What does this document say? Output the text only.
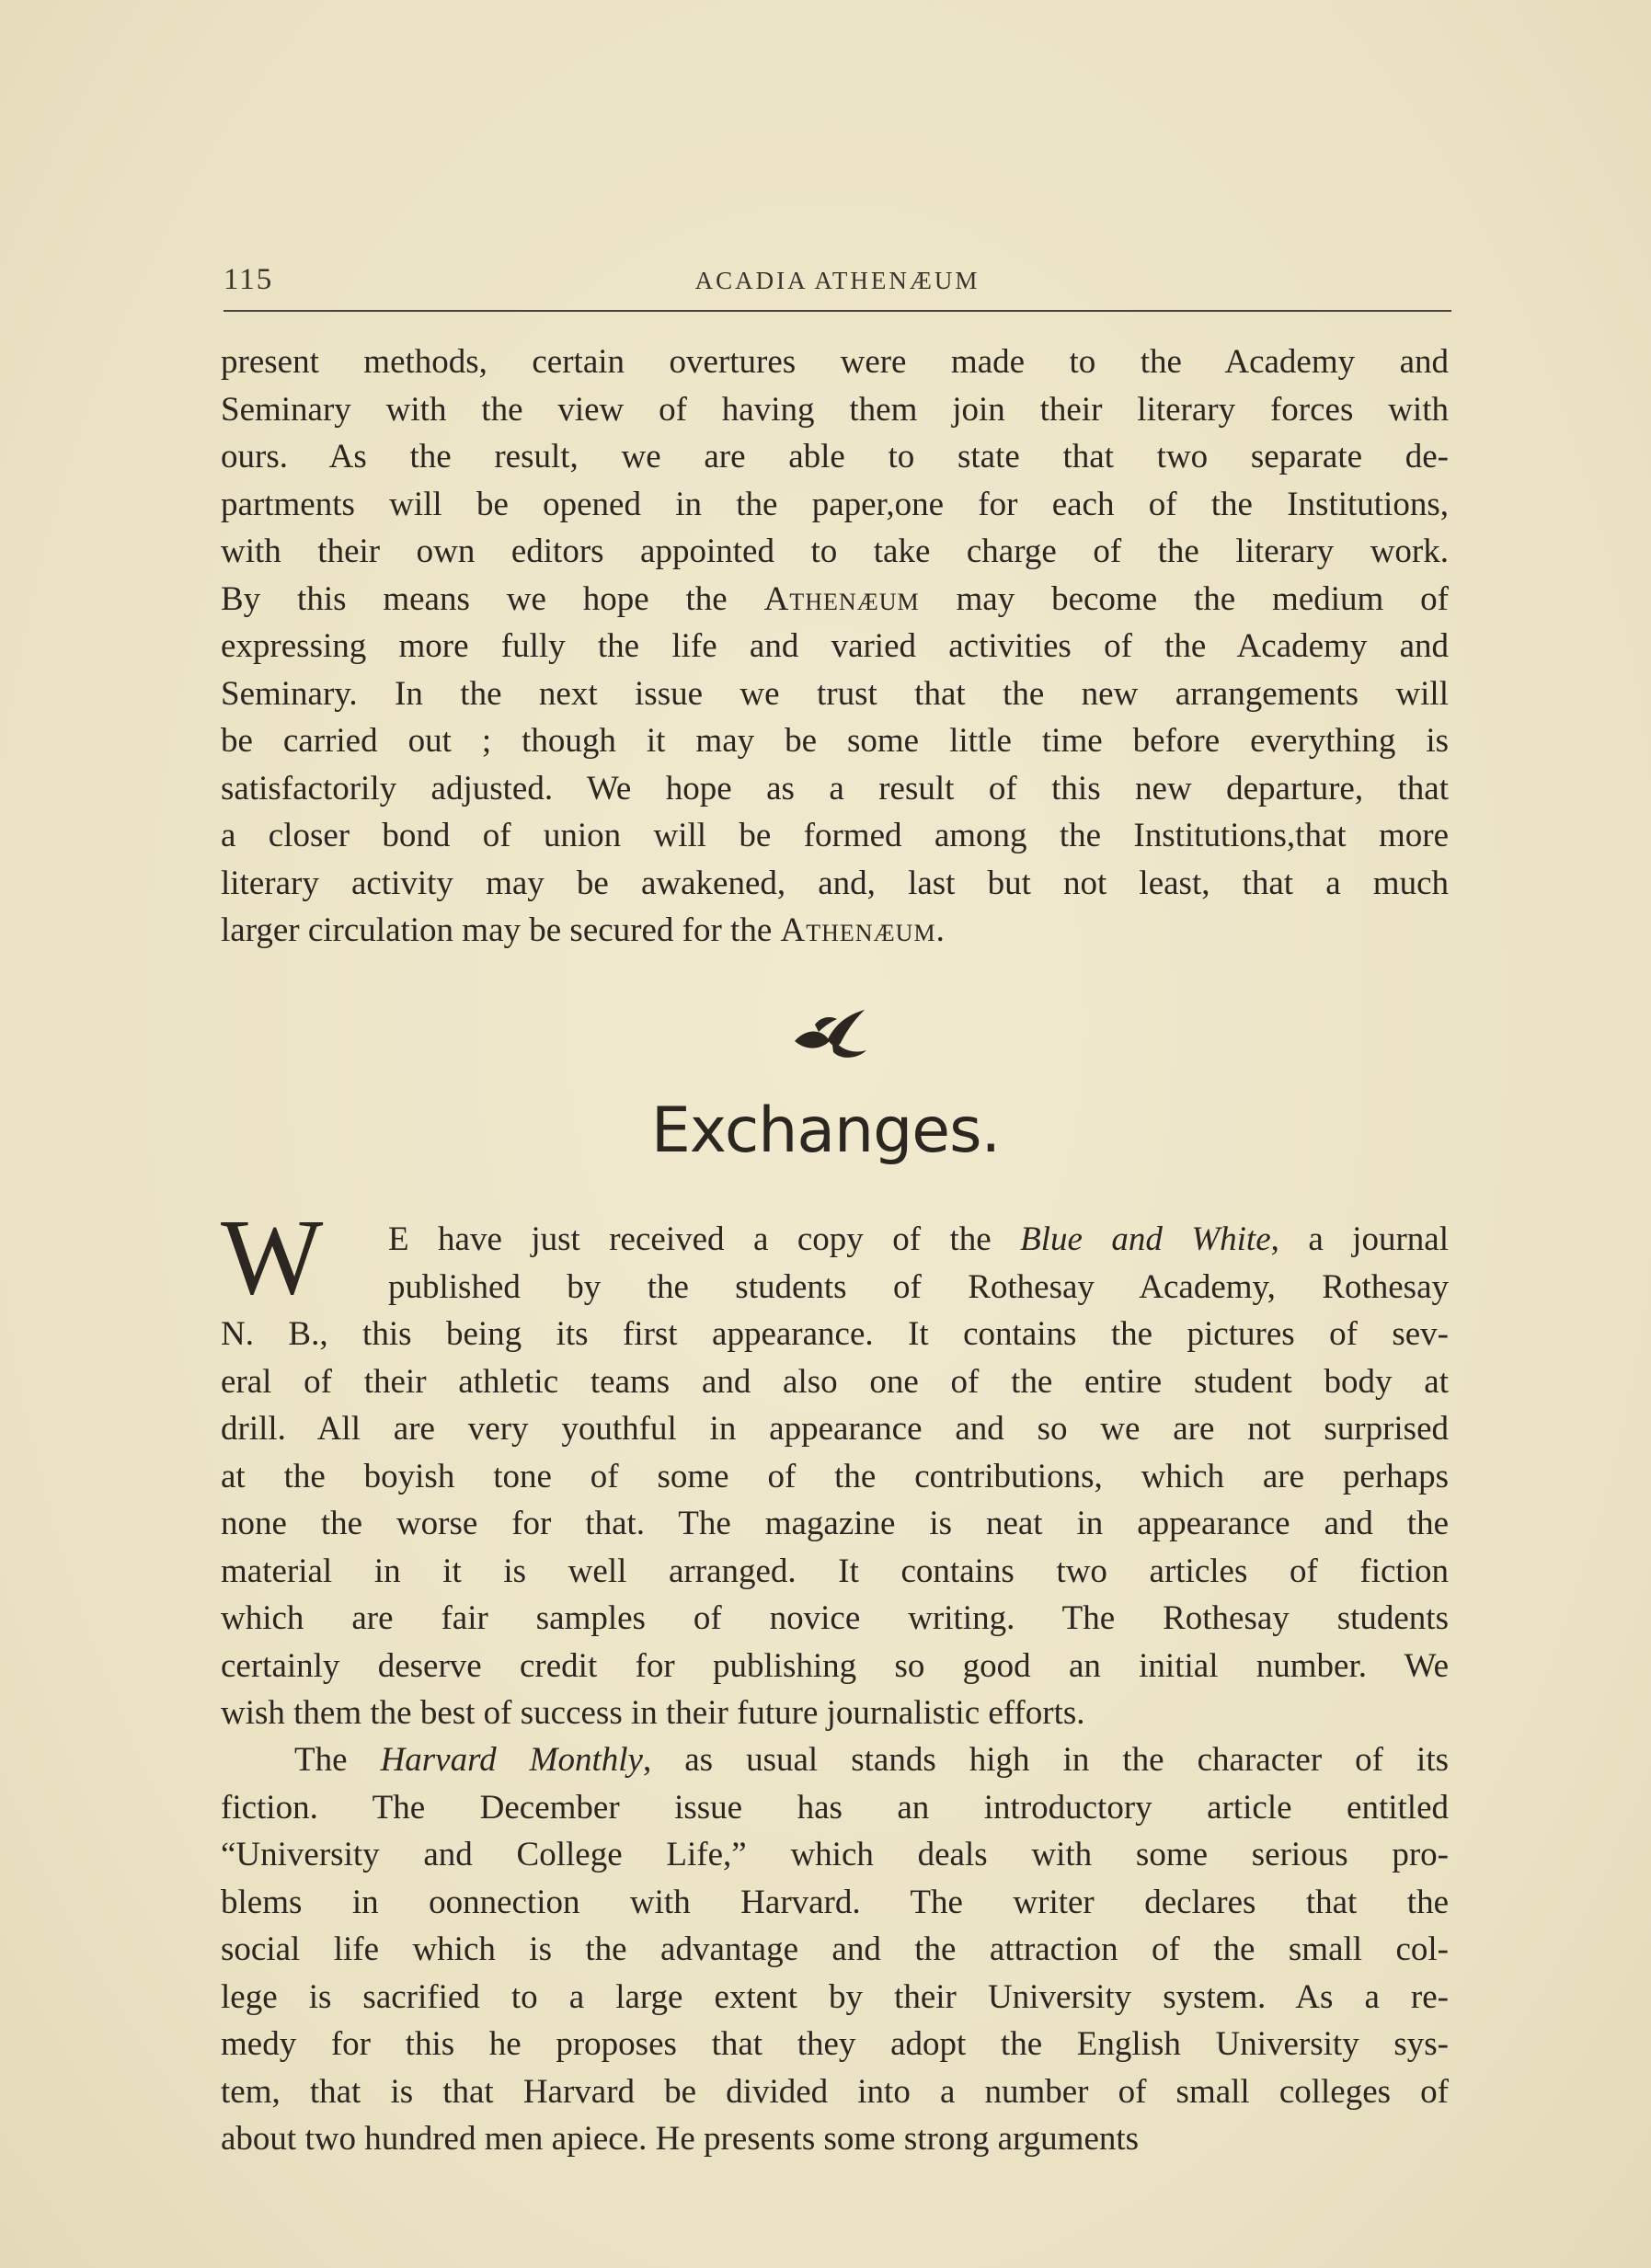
115	ACADIA ATHENÆUM
present methods, certain overtures were made to the Academy and
Seminary with the view of having them join their literary forces with
ours. As the result, we are able to state that two separate de-
partments will be opened in the paper,one for each of the Institutions,
with their own editors appointed to take charge of the literary work.
By this means we hope the Athenæum may become the medium of
expressing more fully the life and varied activities of the Academy and
Seminary. In the next issue we trust that the new arrangements will
be carried out ; though it may be some little time before everything is
satisfactorily adjusted. We hope as a result of this new departure, that
a closer bond of union will be formed among the Institutions,that more
literary activity may be awakened, and, last but not least, that a much
larger circulation may be secured for the Athenæum.
Exchanges.
W	E have just received a copy of the Blue and White, a journal
published by the students of Rothesay Academy, Rothesay
N. B., this being its first appearance. It contains the pictures of sev-
eral of their athletic teams and also one of the entire student body at
drill. All are very youthful in appearance and so we are not surprised
at the boyish tone of some of the contributions, which are perhaps
none the worse for that. The magazine is neat in appearance and the
material in it is well arranged. It contains two articles of fiction
which are fair samples of novice writing. The Rothesay students
certainly deserve credit for publishing so good an initial number. We
wish them the best of success in their future journalistic efforts.
The Harvard Monthly, as usual stands high in the character of its
fiction. The December issue has an introductory article entitled
“University and College Life,” which deals with some serious pro-
blems in oonnection with Harvard. The writer declares that the
social life which is the advantage and the attraction of the small col-
lege is sacrified to a large extent by their University system. As a re-
medy for this he proposes that they adopt the English University sys-
tem, that is that Harvard be divided into a number of small colleges of
about two hundred men apiece. He presents some strong arguments
